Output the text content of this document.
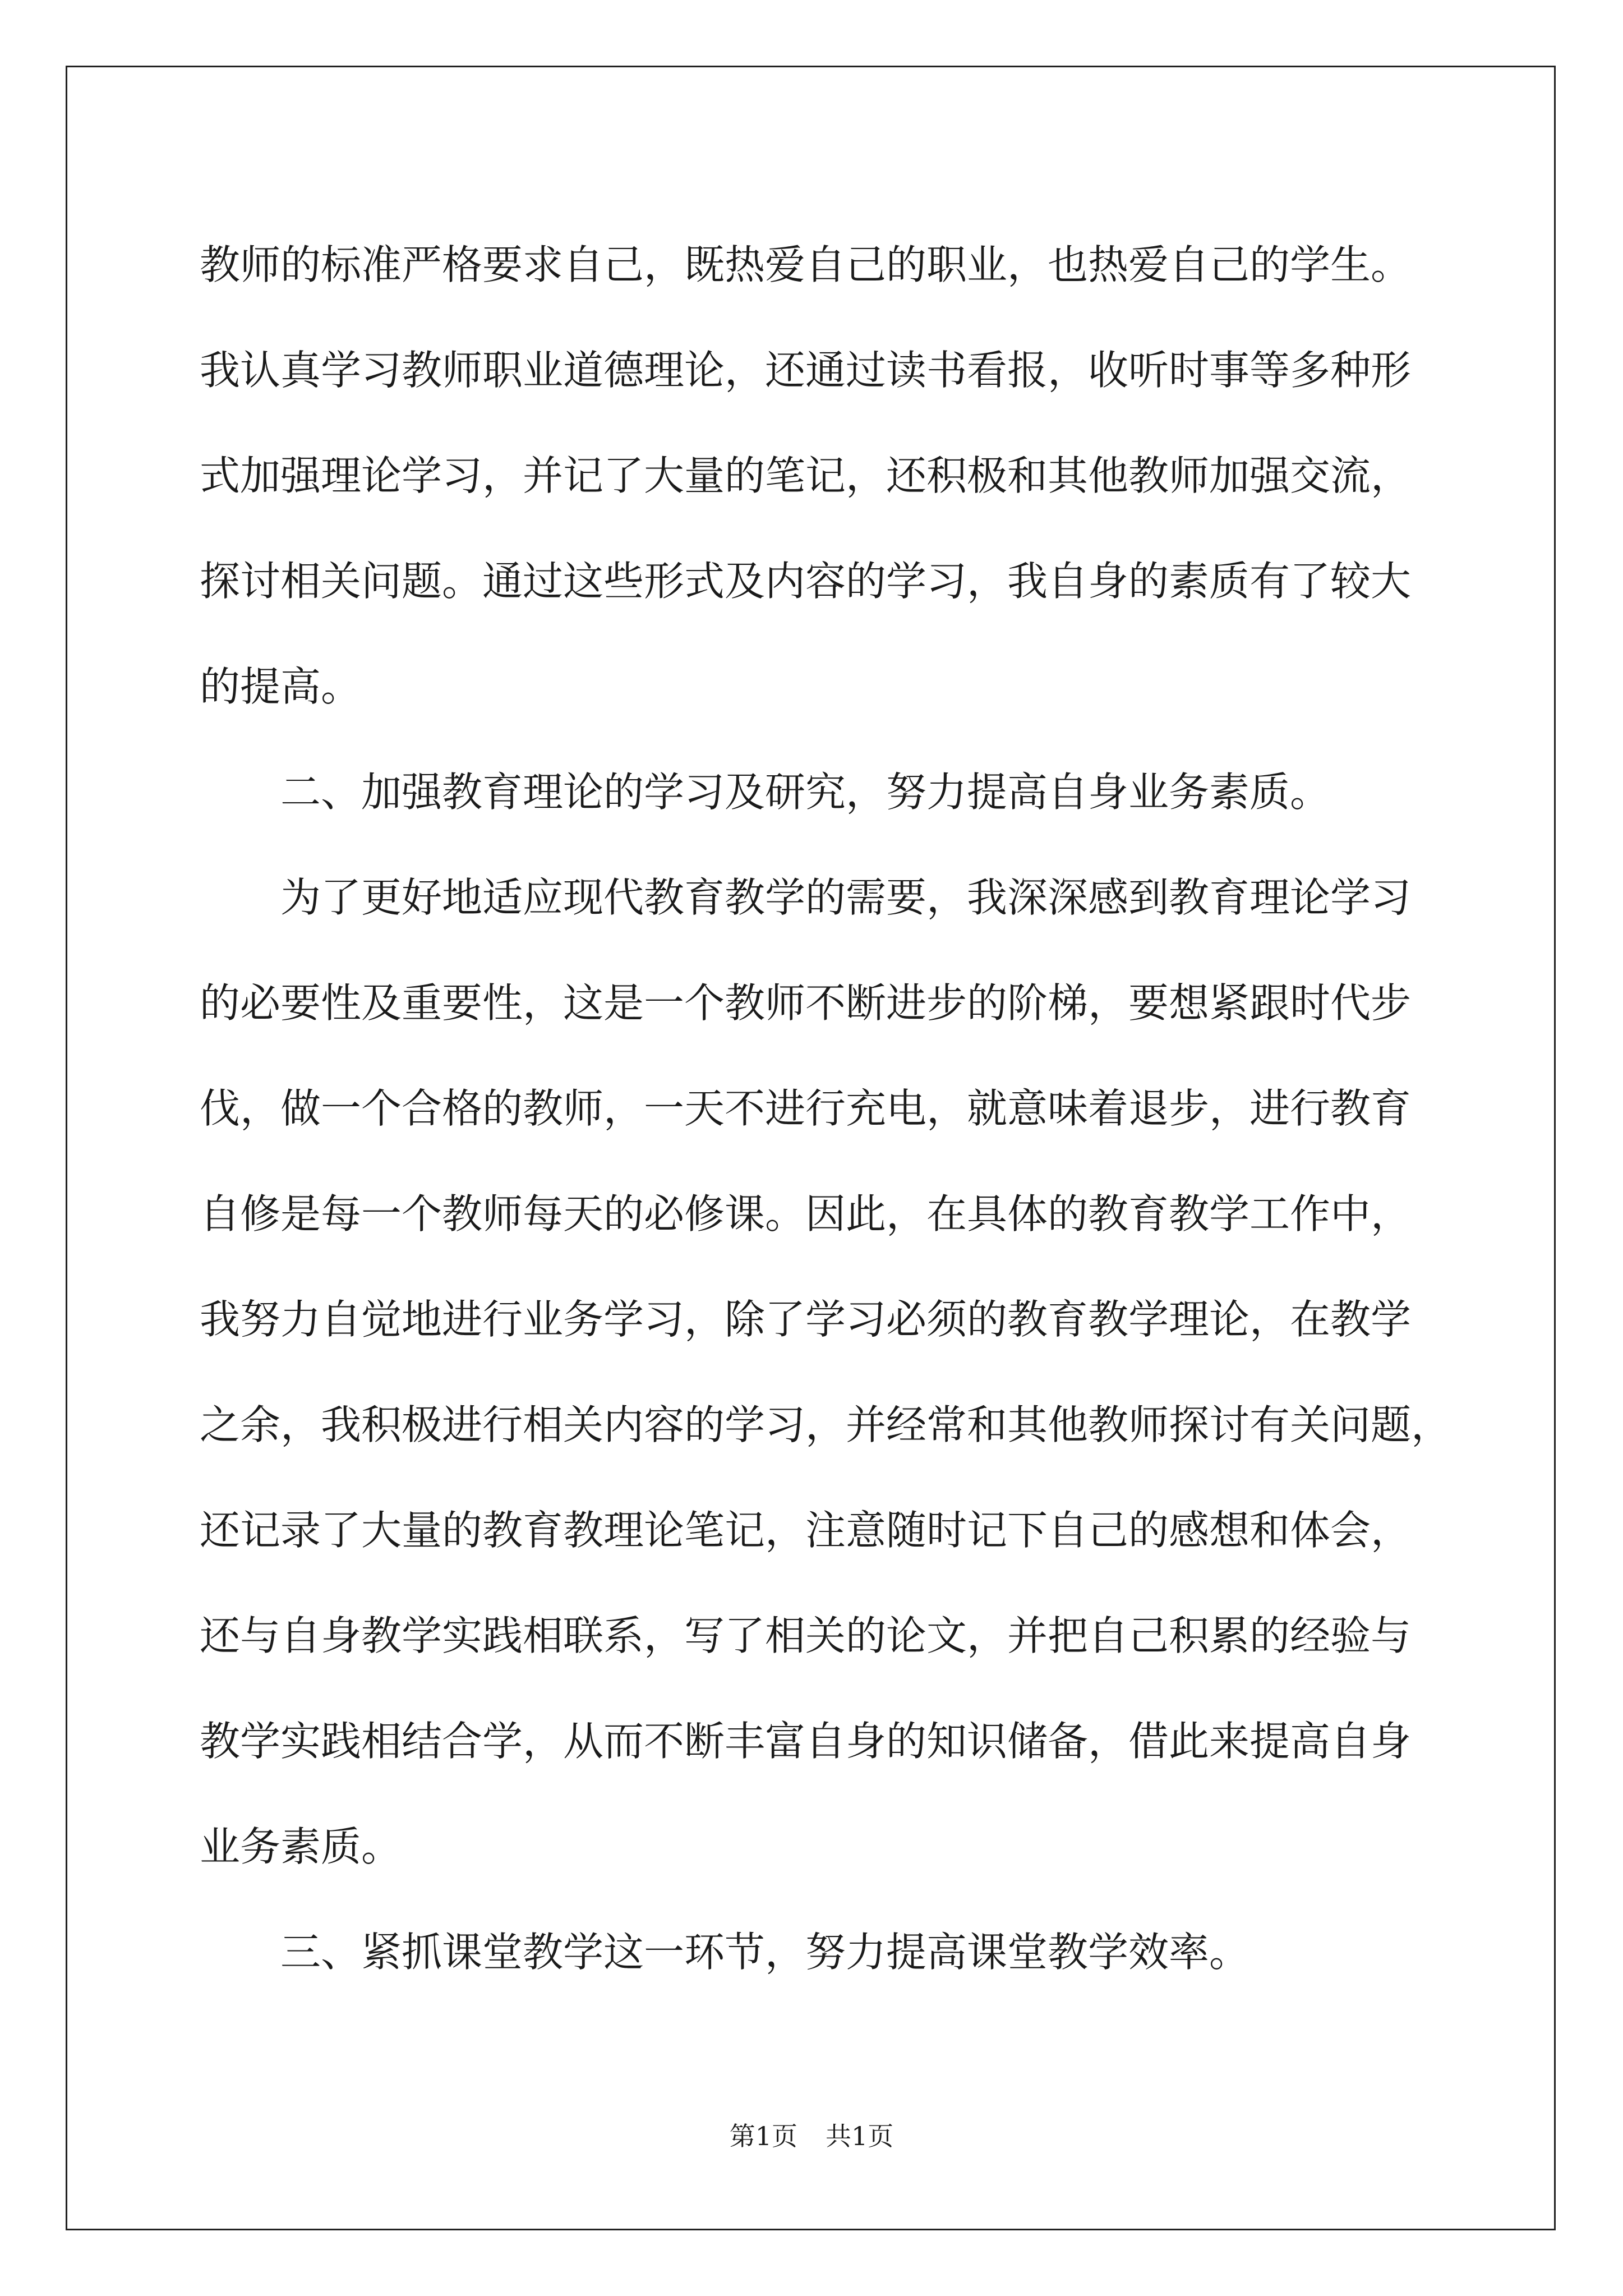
教师的标准严格要求自己，既热爱自己的职业，也热爱自己的学生。

我认真学习教师职业道德理论，还通过读书看报，收听时事等多种形
式加强理论学习，并记了大量的笔记，还积极和其他教师加强交流，
探讨相关问题。通过这些形式及内容的学习，我自身的素质有了较大
的提高。

二、加强教育理论的学习及研究，努力提高自身业务素质。

为了更好地适应现代教育教学的需要，我深深感到教育理论学习
的必要性及重要性，这是一个教师不断进步的阶梯，要想紧跟时代步
伐，做一个合格的教师，一天不进行充电，就意味着退步，进行教育
自修是每一个教师每天的必修课。因此，在具体的教育教学工作中，
我努力自觉地进行业务学习，除了学习必须的教育教学理论，在教学
之余，我积极进行相关内容的学习，并经常和其他教师探讨有关问题，
还记录了大量的教育教理论笔记，注意随时记下自己的感想和体会，
还与自身教学实践相联系，写了相关的论文，并把自己积累的经验与
教学实践相结合学，从而不断丰富自身的知识储备，借此来提高自身
业务素质。

三、紧抓课堂教学这一环节，努力提高课堂教学效率。

第1页 共1页
